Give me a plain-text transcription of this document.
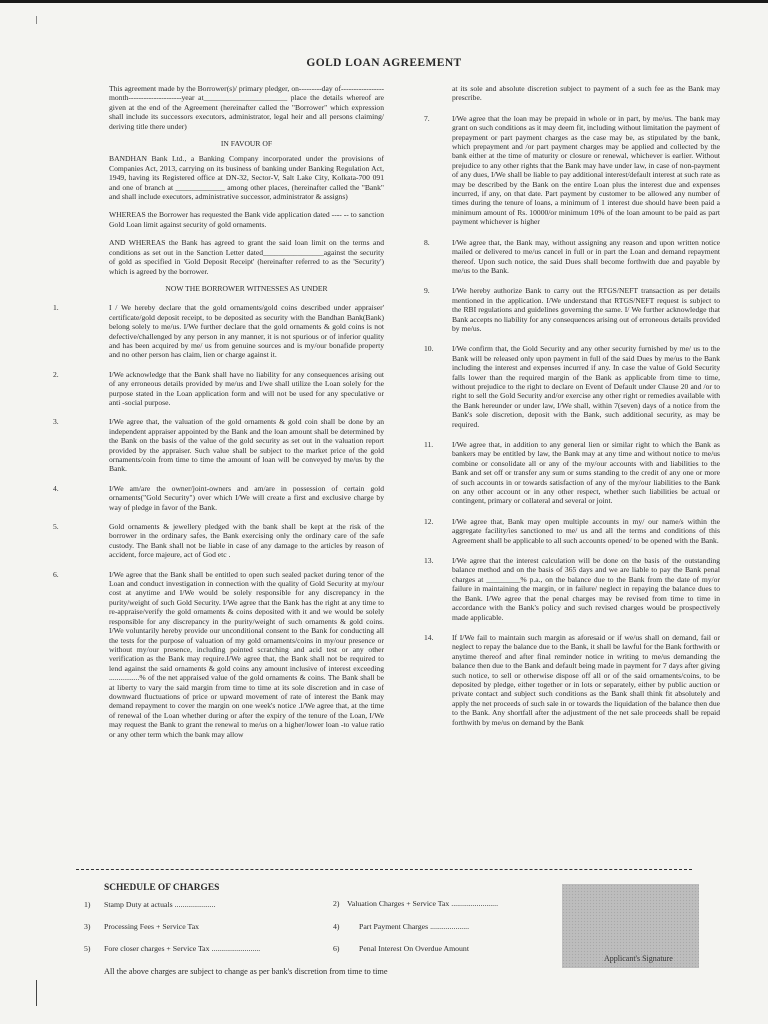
GOLD LOAN AGREEMENT

This agreement made by the Borrower(s)/ primary pledger, on---------day of-----------------month---------------------year at______________________ place the details whereof are given at the end of the Agreement (hereinafter called the "Borrower" which expression shall include its successors executors, administrator, legal heir and all persons claiming/ deriving title there under)

IN FAVOUR OF

BANDHAN Bank Ltd., a Banking Company incorporated under the provisions of Companies Act, 2013, carrying on its business of banking under Banking Regulation Act, 1949, having its Registered office at DN-32, Sector-V, Salt Lake City, Kolkata-700 091 and one of branch at _____________ among other places, (hereinafter called the "Bank" and shall include executors, administrative successor, administrator & assigns)

WHEREAS the Borrower has requested the Bank vide application dated ---- -- to sanction Gold Loan limit against security of gold ornaments.

AND WHEREAS the Bank has agreed to grant the said loan limit on the terms and conditions as set out in the Sanction Letter dated________________against the security of gold as specified in 'Gold Deposit Receipt' (hereinafter referred to as the 'Security') which is agreed by the borrower.

NOW THE BORROWER WITNESSES AS UNDER

1.	I / We hereby declare that the gold ornaments/gold coins described under appraiser' certificate/gold deposit receipt, to be deposited as security with the Bandhan Bank(Bank) belong solely to me/us. I/We further declare that the gold ornaments & gold coins is not defective/challenged by any person in any manner, it is not spurious or of inferior quality and has been acquired by me/ us from genuine sources and is my/our bonafide property and no other person has claim, lien or charge against it.
2.	I/We acknowledge that the Bank shall have no liability for any consequences arising out of any erroneous details provided by me/us and I/we shall utilize the Loan solely for the purpose stated in the Loan application form and will not be used for any speculative or anti -social purpose.
3.	I/We agree that, the valuation of the gold ornaments & gold coin shall be done by an independent appraiser appointed by the Bank and the loan amount shall be determined by the Bank on the basis of the value of the gold security as set out in the valuation report provided by the appraiser. Such value shall be subject to the market price of the gold ornaments/coin from time to time the amount of loan will be conveyed by me/us by the Bank.
4.	I/We am/are the owner/joint-owners and am/are in possession of certain gold ornaments("Gold Security") over which I/We will create a first and exclusive charge by way of pledge in favor of the Bank.
5.	Gold ornaments & jewellery pledged with the bank shall be kept at the risk of the borrower in the ordinary safes, the Bank exercising only the ordinary care of the safe custody. The Bank shall not be liable in case of any damage to the articles by reason of accident, force majeure, act of God etc .
6.	I/We agree that the Bank shall be entitled to open such sealed packet during tenor of the Loan and conduct investigation in connection with the quality of Gold Security at my/our cost at anytime and I/We would be solely responsible for any discrepancy in the purity/weight of such Gold Security. I/We agree that the Bank has the right at any time to re-appraise/verify the gold ornaments & coins deposited with it and we would be solely responsible for any discrepancy in the purity/weight of such ornaments & gold coins. I/We voluntarily hereby provide our unconditional consent to the Bank for conducting all the tests for the purpose of valuation of my gold ornaments/coins in my/our presence or without my/our presence, including pointed scratching and acid test or any other verification as the Bank may require.I/We agree that, the Bank shall not be required to lend against the said ornaments & gold coins any amount inclusive of interest exceeding ................% of the net appraised value of the gold ornaments & coins. The Bank shall be at liberty to vary the said margin from time to time at its sole discretion and in case of downward fluctuations of price or upward movement of rate of interest the Bank may demand repayment to cover the margin on one week's notice .I/We agree that, at the time of renewal of the Loan whether during or after the expiry of the tenure of the Loan, I/We may request the Bank to grant the renewal to me/us on a higher/lower loan -to value ratio or any other term which the bank may allow

at its sole and absolute discretion subject to payment of a such fee as the Bank may prescribe.

7.	I/We agree that the loan may be prepaid in whole or in part, by me/us. The bank may grant on such conditions as it may deem fit, including without limitation the payment of prepayment or part payment charges as the case may be, as stipulated by the bank, which prepayment and /or part payment charges may be applied and collected by the bank either at the time of maturity or closure or renewal, whichever is earlier. Without prejudice to any other rights that the Bank may have under law, in case of non-payment of any dues, I/We shall be liable to pay additional interest/default interest at such rate as may be described by the Bank on the entire Loan plus the interest due and expenses incurred, if any, on that date. Part payment by customer to be allowed any number of times during the tenure of loans, a minimum of 1 interest due should have been paid a minimum amount of Rs. 10000/or minimum 10% of the loan amount to be paid as part payment whichever is higher
8.	I/We agree that, the Bank may, without assigning any reason and upon written notice mailed or delivered to me/us cancel in full or in part the Loan and demand repayment thereof. Upon such notice, the said Dues shall become forthwith due and payable by me/us to the Bank.
9.	I/We hereby authorize Bank to carry out the RTGS/NEFT transaction as per details mentioned in the application. I/We understand that RTGS/NEFT request is subject to the RBI regulations and guidelines governing the same. I/ We further acknowledge that Bank accepts no liability for any consequences arising out of erroneous details provided by me/us.
10.	I/We confirm that, the Gold Security and any other security furnished by me/ us to the Bank will be released only upon payment in full of the said Dues by me/us to the Bank including the interest and expenses incurred if any. In case the value of Gold Security falls lower than the required margin of the Bank as applicable from time to time, without prejudice to the right to declare on Event of Default under Clause 20 and /or to right to sell the Gold Security and/or exercise any other right or remedies available with the Bank hereunder or under law, I/We shall, within 7(seven) days of a notice from the Bank's sole discretion, deposit with the Bank, such additional security, as may be required.
11.	I/We agree that, in addition to any general lien or similar right to which the Bank as bankers may be entitled by law, the Bank may at any time and without notice to me/us combine or consolidate all or any of the my/our accounts with and liabilities to the Bank and set off or transfer any sum or sums standing to the credit of any one or more of such accounts in or towards satisfaction of any of the my/our liabilities to the Bank on any other account or in any other respect, whether such liabilities be actual or contingent, primary or collateral and several or joint.
12.	I/We agree that, Bank may open multiple accounts in my/ our name/s within the aggregate facility/ies sanctioned to me/ us and all the terms and conditions of this Agreement shall be applicable to all such accounts opened/ to be opened with the Bank.
13.	I/We agree that the interest calculation will be done on the basis of the outstanding balance method and on the basis of 365 days and we are liable to pay the Bank penal charges at _________% p.a., on the balance due to the Bank from the date of my/or failure in maintaining the margin, or in failure/ neglect in repaying the balance dues to the Bank. I/We agree that the penal charges may be revised from time to time in accordance with the Bank's policy and such revised charges would be prospectively made applicable.
14.	If I/We fail to maintain such margin as aforesaid or if we/us shall on demand, fail or neglect to repay the balance due to the Bank, it shall be lawful for the Bank forthwith or anytime thereof and after final reminder notice in writing to me/us demanding the balance then due to the Bank and default being made in payment for 7 days after giving such notice, to sell or otherwise dispose off all or of the said ornaments/coins, to be deposited by pledge, either together or in lots or separately, either by public auction or private contact and subject such conditions as the Bank shall think fit absolutely and apply the net proceeds of such sale in or towards the liquidation of the balance then due to the Bank. Any shortfall after the adjustment of the net sale proceeds shall be repaid forthwith by me/us on demand by the Bank

SCHEDULE OF CHARGES

1) Stamp Duty at actuals .....................	2) Valuation Charges + Service Tax ........................
3) Processing Fees + Service Tax	4)	Part Payment Charges ....................
5) Fore closer charges + Service Tax .........................	6)	Penal Interest On Overdue Amount
All the above charges are subject to change as per bank's discretion from time to time
Applicant's Signature
